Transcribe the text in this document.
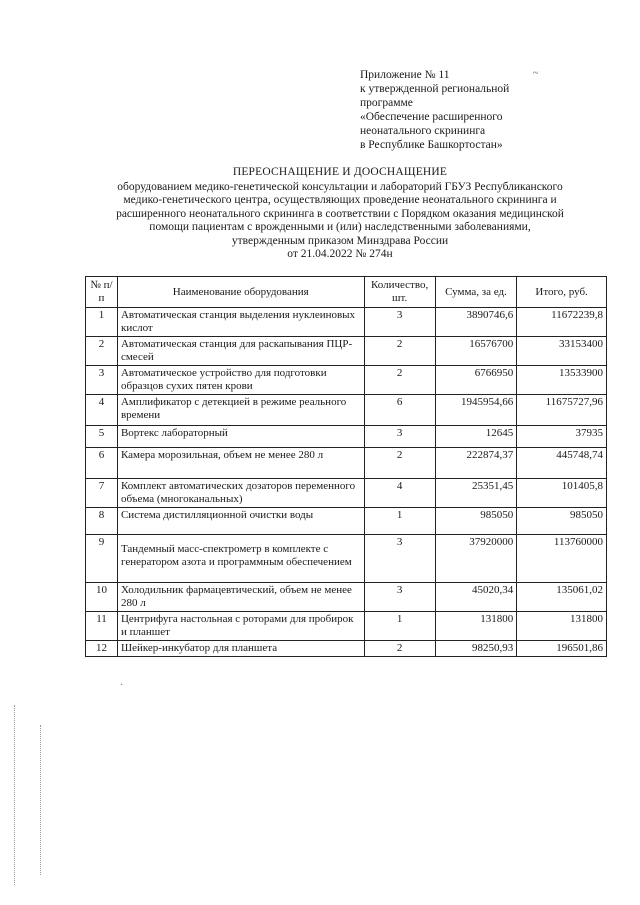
Приложение № 11
к утвержденной региональной
программе
«Обеспечение расширенного
неонатального скрининга
в Республике Башкортостан»
~
ПЕРЕОСНАЩЕНИЕ И ДООСНАЩЕНИЕ
оборудованием медико-генетической консультации и лабораторий ГБУЗ Республиканского
медико-генетического центра, осуществляющих проведение неонатального скрининга и
расширенного неонатального скрининга в соответствии с Порядком оказания медицинской
помощи пациентам с врожденными и (или) наследственными заболеваниями,
утвержденным приказом Минздрава России
от 21.04.2022 № 274н
№ п/п	Наименование оборудования	Количество, шт.	Сумма, за ед.	Итого, руб.
1	Автоматическая станция выделения нуклеиновых кислот	3	3890746,6	11672239,8
2	Автоматическая станция для раскапывания ПЦР-смесей	2	16576700	33153400
3	Автоматическое устройство для подготовки образцов сухих пятен крови	2	6766950	13533900
4	Амплификатор с детекцией в режиме реального времени	6	1945954,66	11675727,96
5	Вортекс лабораторный	3	12645	37935
6	Камера морозильная, объем не менее 280 л	2	222874,37	445748,74
7	Комплект автоматических дозаторов переменного объема (многоканальных)	4	25351,45	101405,8
8	Система дистилляционной очистки воды	1	985050	985050
9	Тандемный масс-спектрометр в комплекте с генератором азота и программным обеспечением	3	37920000	113760000
10	Холодильник фармацевтический, объем не менее 280 л	3	45020,34	135061,02
11	Центрифуга настольная с роторами для пробирок и планшет	1	131800	131800
12	Шейкер-инкубатор для планшета	2	98250,93	196501,86
·
